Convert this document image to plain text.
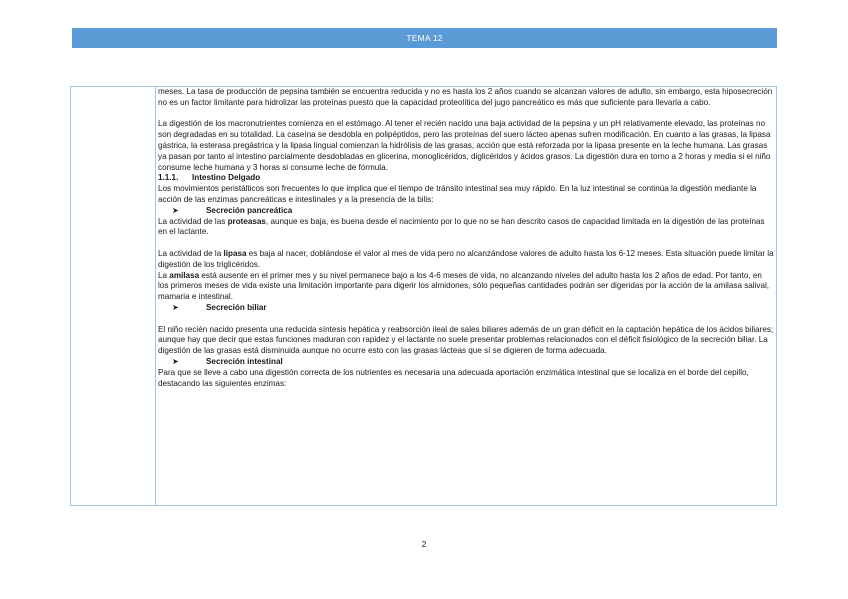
TEMA 12

meses. La tasa de producción de pepsina también se encuentra reducida y no es hasta los 2 años cuando se alcanzan valores de adulto, sin embargo, esta hiposecreción no es un factor limitante para hidrolizar las proteínas puesto que la capacidad proteolítica del jugo pancreático es más que suficiente para llevarla a cabo.

La digestión de los macronutrientes comienza en el estómago. Al tener el recién nacido una baja actividad de la pepsina y un pH relativamente elevado, las proteínas no son degradadas en su totalidad. La caseína se desdobla en polipéptidos, pero las proteínas del suero lácteo apenas sufren modificación. En cuanto a las grasas, la lipasa gástrica, la esterasa pregástrica y la lipasa lingual comienzan la hidrólisis de las grasas, acción que está reforzada por la lipasa presente en la leche humana. Las grasas ya pasan por tanto al intestino parcialmente desdobladas en glicerina, monoglicéridos, diglicéridos y ácidos grasos. La digestión dura en torno a 2 horas y media si el niño consume leche humana y 3 horas si consume leche de fórmula.

1.1.1. Intestino Delgado

Los movimientos peristálticos son frecuentes lo que implica que el tiempo de tránsito intestinal sea muy rápido. En la luz intestinal se continúa la digestión mediante la acción de las enzimas pancreáticas e intestinales y a la presencia de la bilis:

➤	Secreción pancreática

La actividad de las proteasas, aunque es baja, es buena desde el nacimiento por lo que no se han descrito casos de capacidad limitada en la digestión de las proteínas en el lactante.

La actividad de la lipasa es baja al nacer, doblándose el valor al mes de vida pero no alcanzándose valores de adulto hasta los 6-12 meses. Esta situación puede limitar la digestión de los triglicéridos.

La amilasa está ausente en el primer mes y su nivel permanece bajo a los 4-6 meses de vida, no alcanzando niveles del adulto hasta los 2 años de edad. Por tanto, en los primeros meses de vida existe una limitación importante para digerir los almidones, sólo pequeñas cantidades podrán ser digeridas por la acción de la amilasa salival, mamaria e intestinal.

➤	Secreción biliar

El niño recién nacido presenta una reducida síntesis hepática y reabsorción ileal de sales biliares además de un gran déficit en la captación hepática de los ácidos biliares; aunque hay que decir que estas funciones maduran con rapidez y el lactante no suele presentar problemas relacionados con el déficit fisiológico de la secreción biliar. La digestión de las grasas está disminuida aunque no ocurre esto con las grasas lácteas que sí se digieren de forma adecuada.

➤	Secreción intestinal

Para que se lleve a cabo una digestión correcta de los nutrientes es necesaria una adecuada aportación enzimática intestinal que se localiza en el borde del cepillo, destacando las siguientes enzimas:

2
